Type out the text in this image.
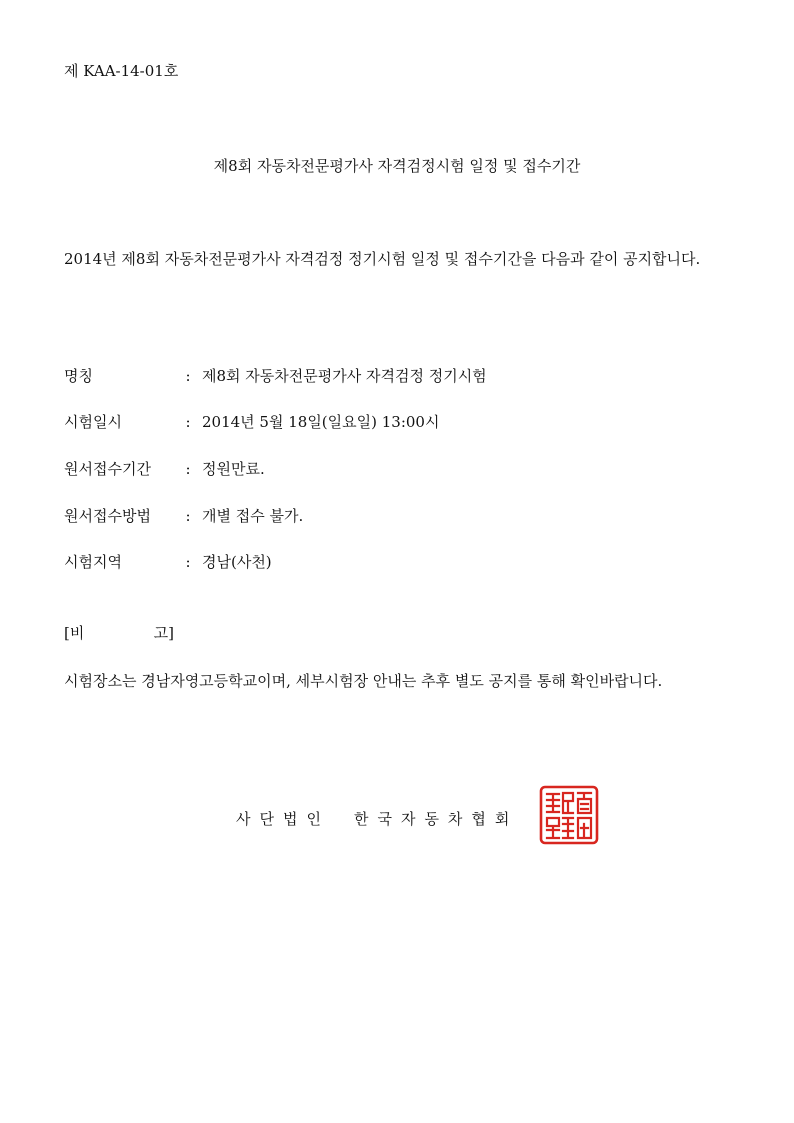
제 KAA-14-01호
제8회 자동차전문평가사 자격검정시험 일정 및 접수기간
2014년 제8회 자동차전문평가사 자격검정 정기시험 일정 및 접수기간을 다음과 같이 공지합니다.
명칭	: 제8회 자동차전문평가사 자격검정 정기시험
시험일시	: 2014년 5월 18일(일요일) 13:00시
원서접수기간 : 정원만료.
원서접수방법 : 개별 접수 불가.
시험지역	: 경남(사천)
[비	고]
시험장소는 경남자영고등학교이며, 세부시험장 안내는 추후 별도 공지를 통해 확인바랍니다.
사단법인 한국자동차협회
